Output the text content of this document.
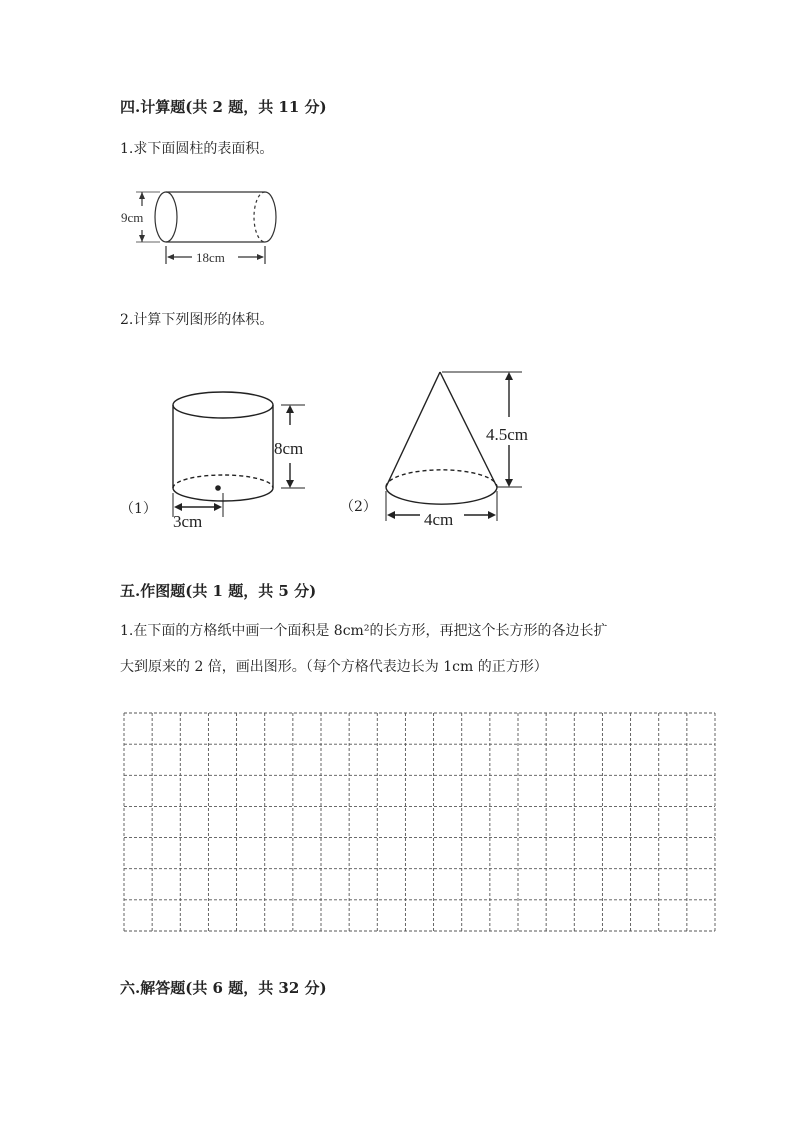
四.计算题(共 2 题，共 11 分)
1.求下面圆柱的表面积。
9cm
18cm
2.计算下列图形的体积。
（1）
8cm
3cm
（2）
4.5cm
4cm
五.作图题(共 1 题，共 5 分)
1.在下面的方格纸中画一个面积是 8cm²的长方形，再把这个长方形的各边长扩
大到原来的 2 倍，画出图形。（每个方格代表边长为 1cm 的正方形）
六.解答题(共 6 题，共 32 分)
